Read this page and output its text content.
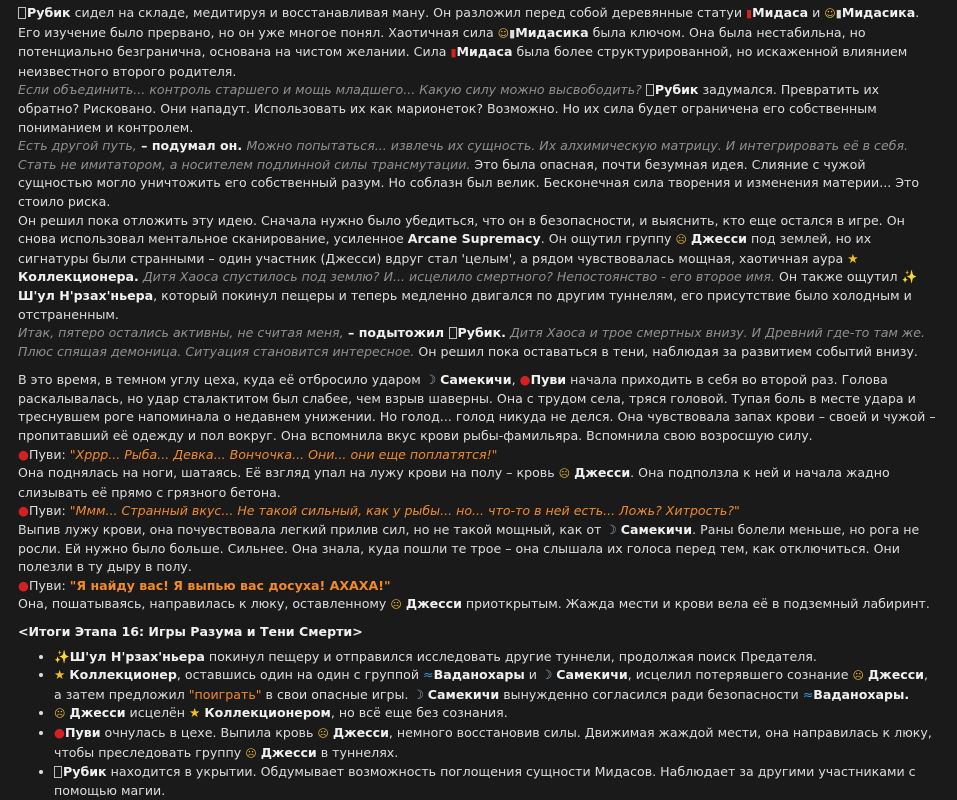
Рубик сидел на складе, медитируя и восстанавливая ману. Он разложил перед собой деревянные статуи ▮Мидаса и ☺▮Мидасика. Его изучение было прервано, но он уже многое понял. Хаотичная сила ☺▮Мидасика была ключом. Она была нестабильна, но потенциально безгранична, основана на чистом желании. Сила ▮Мидаса была более структурированной, но искаженной влиянием неизвестного второго родителя.

Если объединить... контроль старшего и мощь младшего... Какую силу можно высвободить? Рубик задумался. Превратить их обратно? Рисковано. Они нападут. Использовать их как марионеток? Возможно. Но их сила будет ограничена его собственным пониманием и контролем.

Есть другой путь, – подумал он. Можно попытаться... извлечь их сущность. Их алхимическую матрицу. И интегрировать её в себя. Стать не имитатором, а носителем подлинной силы трансмутации. Это была опасная, почти безумная идея. Слияние с чужой сущностью могло уничтожить его собственный разум. Но соблазн был велик. Бесконечная сила творения и изменения материи... Это стоило риска.

Он решил пока отложить эту идею. Сначала нужно было убедиться, что он в безопасности, и выяснить, кто еще остался в игре. Он снова использовал ментальное сканирование, усиленное Arcane Supremacy. Он ощутил группу ☹ Джесси под землей, но их сигнатуры были странными – один участник (Джесси) вдруг стал 'целым', а рядом чувствовалась мощная, хаотичная аура ★ Коллекционера. Дитя Хаоса спустилось под землю? И... исцелило смертного? Непостоянство - его второе имя. Он также ощутил ✨ Ш'ул Н'рзах'ньера, который покинул пещеры и теперь медленно двигался по другим туннелям, его присутствие было холодным и отстраненным.

Итак, пятеро остались активны, не считая меня, – подытожил Рубик. Дитя Хаоса и трое смертных внизу. И Древний где-то там же. Плюс спящая демоница. Ситуация становится интересное. Он решил пока оставаться в тени, наблюдая за развитием событий внизу.

В это время, в темном углу цеха, куда её отбросило ударом ☽ Самекичи, ●Пуви начала приходить в себя во второй раз. Голова раскалывалась, но удар сталактитом был слабее, чем взрыв шаверны. Она с трудом села, тряся головой. Тупая боль в месте удара и треснувшем роге напоминала о недавнем унижении. Но голод... голод никуда не делся. Она чувствовала запах крови – своей и чужой – пропитавший её одежду и пол вокруг. Она вспомнила вкус крови рыбы-фамильяра. Вспомнила свою возросшую силу.

●Пуви: "Хррр... Рыба... Девка... Вончочка... Они... они еще поплатятся!"

Она поднялась на ноги, шатаясь. Её взгляд упал на лужу крови на полу – кровь ☹ Джесси. Она подползла к ней и начала жадно слизывать её прямо с грязного бетона.

●Пуви: "Ммм... Странный вкус... Не такой сильный, как у рыбы... но... что-то в ней есть... Ложь? Хитрость?"

Выпив лужу крови, она почувствовала легкий прилив сил, но не такой мощный, как от ☽ Самекичи. Раны болели меньше, но рога не росли. Ей нужно было больше. Сильнее. Она знала, куда пошли те трое – она слышала их голоса перед тем, как отключиться. Они полезли в ту дыру в полу.

●Пуви: "Я найду вас! Я выпью вас досуха! АХАХА!"

Она, пошатываясь, направилась к люку, оставленному ☹ Джесси приоткрытым. Жажда мести и крови вела её в подземный лабиринт.

<Итоги Этапа 16: Игры Разума и Тени Смерти>

• ✨Ш'ул Н'рзах'ньера покинул пещеру и отправился исследовать другие туннели, продолжая поиск Предателя.
• ★ Коллекционер, оставшись один на один с группой ≈Ваданохары и ☽ Самекичи, исцелил потерявшего сознание ☹ Джесси, а затем предложил "поиграть" в свои опасные игры. ☽ Самекичи вынужденно согласился ради безопасности ≈Ваданохары.
• ☹ Джесси исцелён ★ Коллекционером, но всё еще без сознания.
• ●Пуви очнулась в цехе. Выпила кровь ☹ Джесси, немного восстановив силы. Движимая жаждой мести, она направилась к люку, чтобы преследовать группу ☹ Джесси в туннелях.
• Рубик находится в укрытии. Обдумывает возможность поглощения сущности Мидасов. Наблюдает за другими участниками с помощью магии.
